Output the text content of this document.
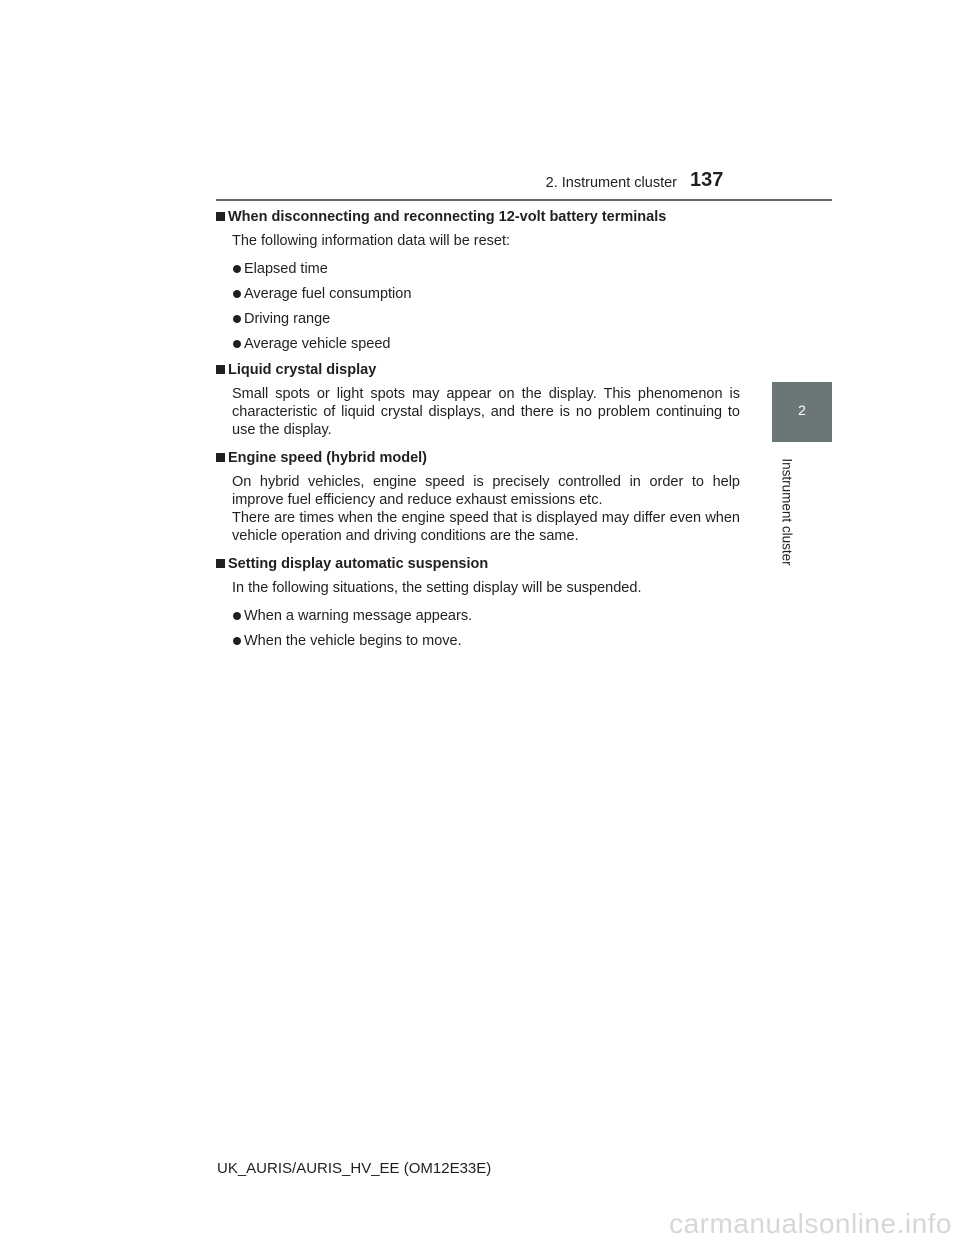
2. Instrument cluster 137
2
Instrument cluster
When disconnecting and reconnecting 12-volt battery terminals
The following information data will be reset:
Elapsed time
Average fuel consumption
Driving range
Average vehicle speed
Liquid crystal display
Small spots or light spots may appear on the display. This phenomenon is characteristic of liquid crystal displays, and there is no problem continuing to use the display.
Engine speed (hybrid model)
On hybrid vehicles, engine speed is precisely controlled in order to help improve fuel efficiency and reduce exhaust emissions etc.
There are times when the engine speed that is displayed may differ even when vehicle operation and driving conditions are the same.
Setting display automatic suspension
In the following situations, the setting display will be suspended.
When a warning message appears.
When the vehicle begins to move.
UK_AURIS/AURIS_HV_EE (OM12E33E)
carmanualsonline.info
